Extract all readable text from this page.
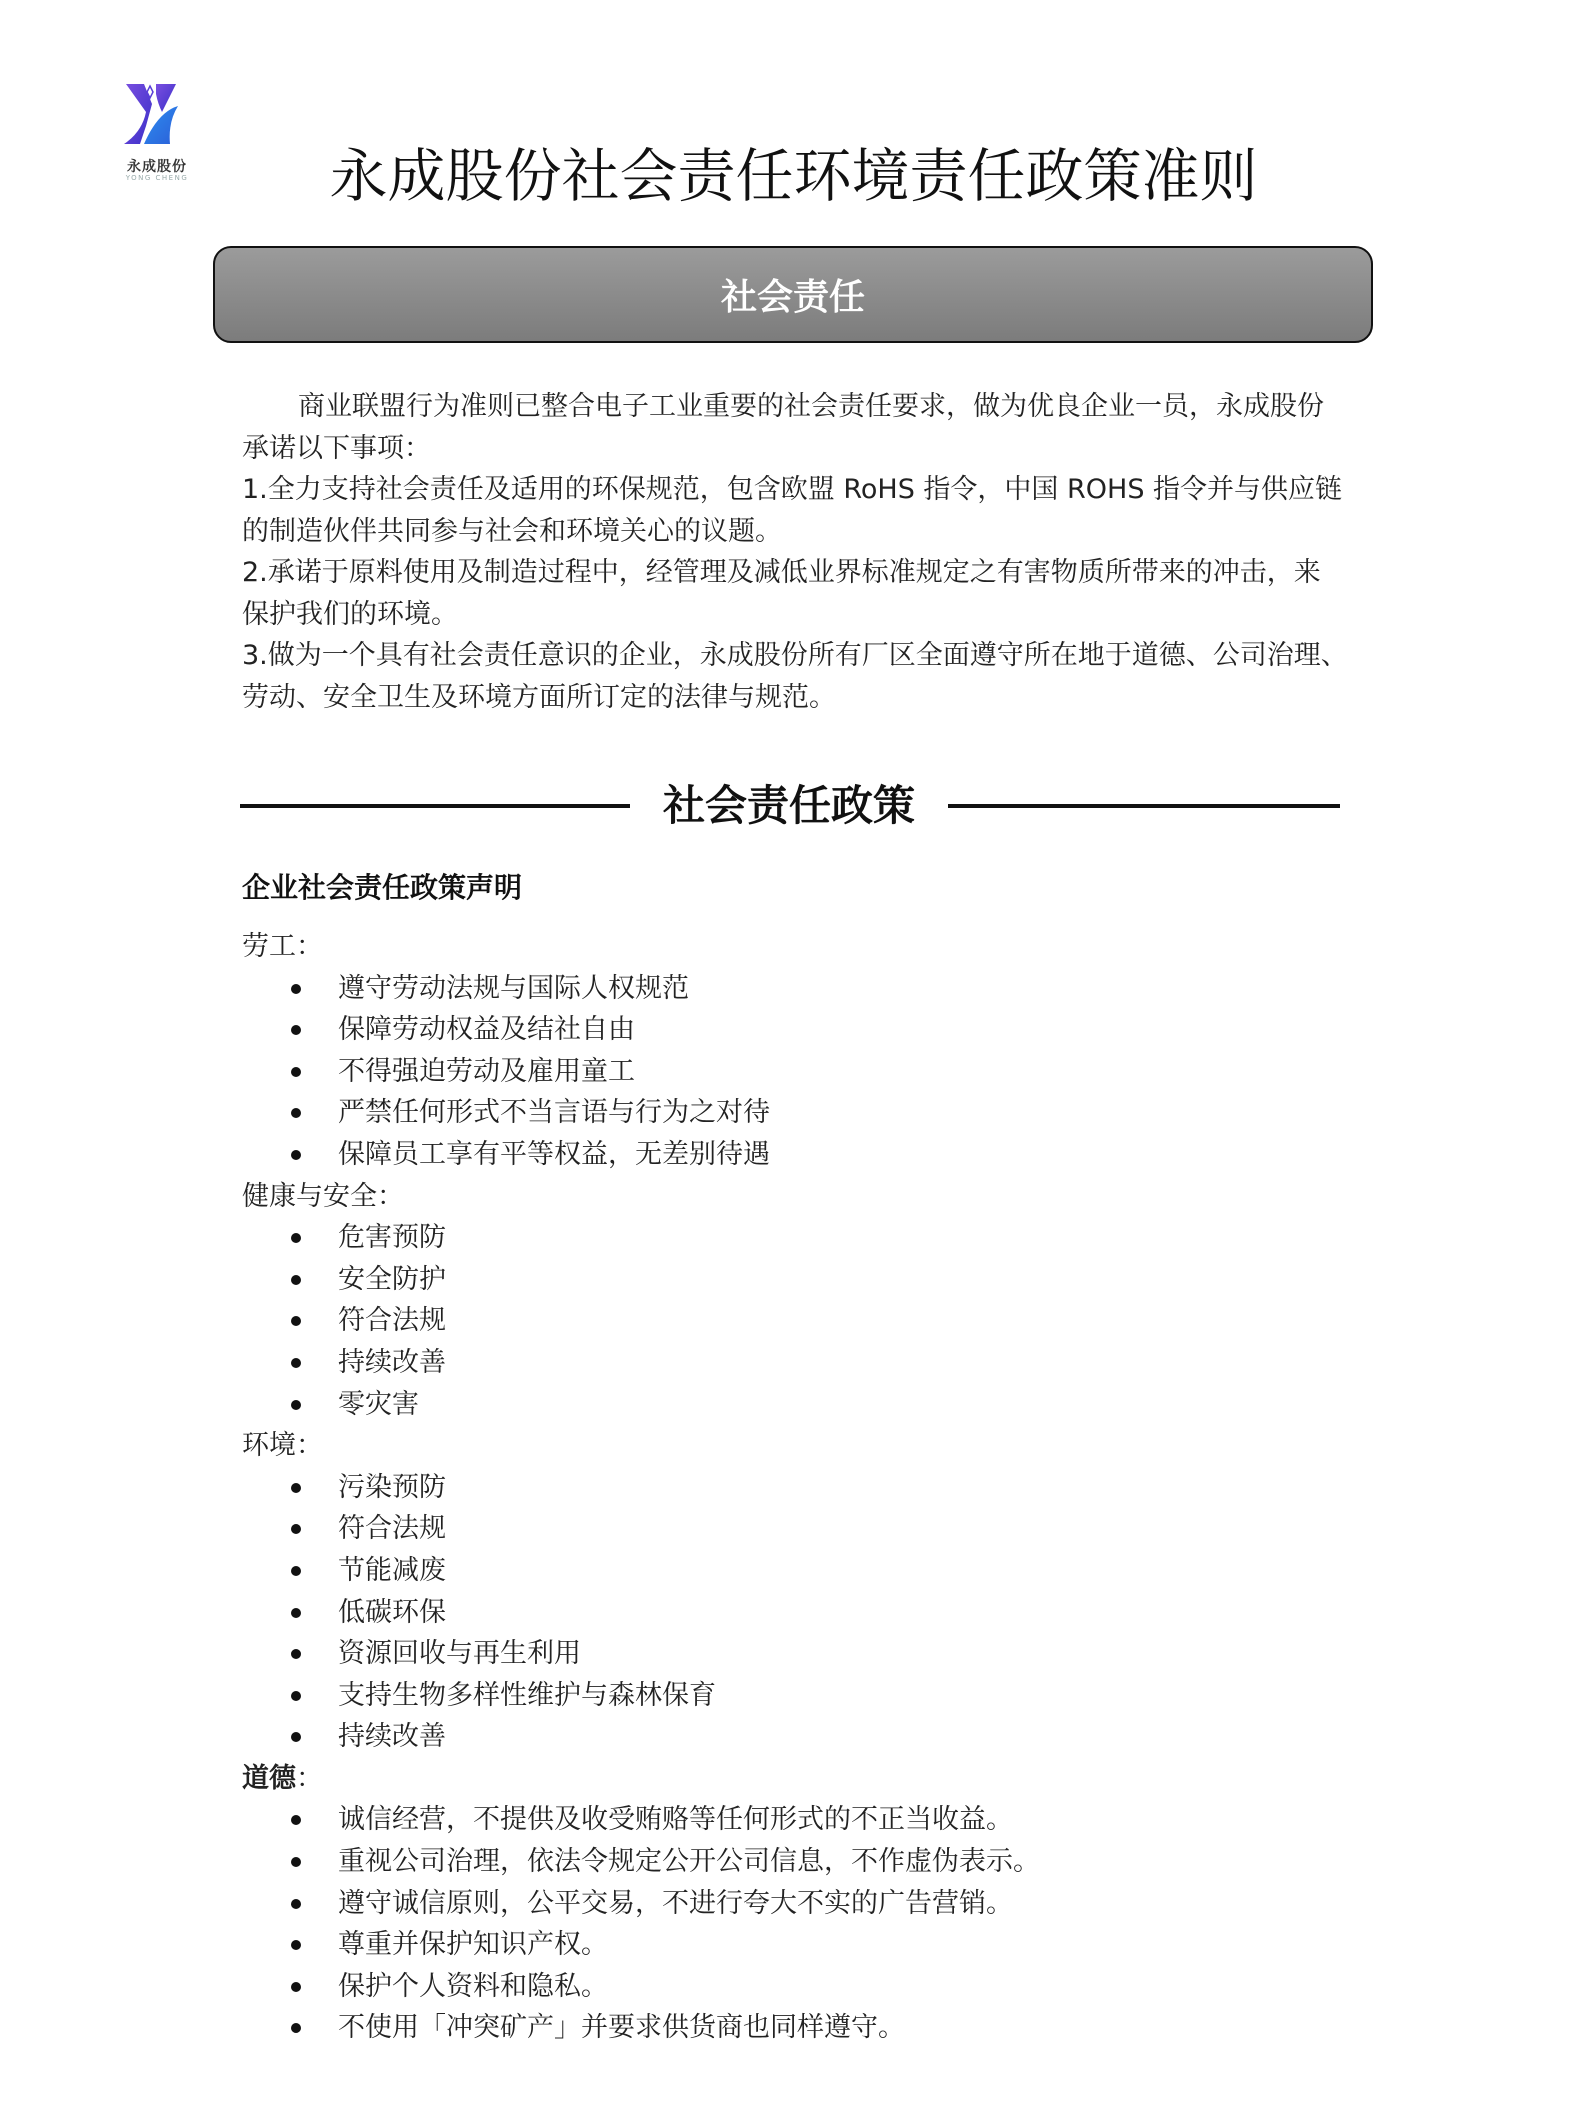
永成股份
YONG CHENG	永成股份社会责任环境责任政策准则
社会责任

商业联盟行为准则已整合电子工业重要的社会责任要求，做为优良企业一员，永成股份

承诺以下事项：

1.全力支持社会责任及适用的环保规范，包含欧盟 RoHS 指令，中国 ROHS 指令并与供应链

的制造伙伴共同参与社会和环境关心的议题。

2.承诺于原料使用及制造过程中，经管理及减低业界标准规定之有害物质所带来的冲击，来

保护我们的环境。

3.做为一个具有社会责任意识的企业，永成股份所有厂区全面遵守所在地于道德、公司治理、

劳动、安全卫生及环境方面所订定的法律与规范。

社会责任政策
企业社会责任政策声明
劳工：
遵守劳动法规与国际人权规范
保障劳动权益及结社自由
不得强迫劳动及雇用童工
严禁任何形式不当言语与行为之对待
保障员工享有平等权益，无差别待遇
健康与安全：
危害预防
安全防护
符合法规
持续改善
零灾害
环境：
污染预防
符合法规
节能减废
低碳环保
资源回收与再生利用
支持生物多样性维护与森林保育
持续改善
道德：
诚信经营，不提供及收受贿赂等任何形式的不正当收益。
重视公司治理，依法令规定公开公司信息，不作虚伪表示。
遵守诚信原则，公平交易，不进行夸大不实的广告营销。
尊重并保护知识产权。
保护个人资料和隐私。
不使用「冲突矿产」并要求供货商也同样遵守。
